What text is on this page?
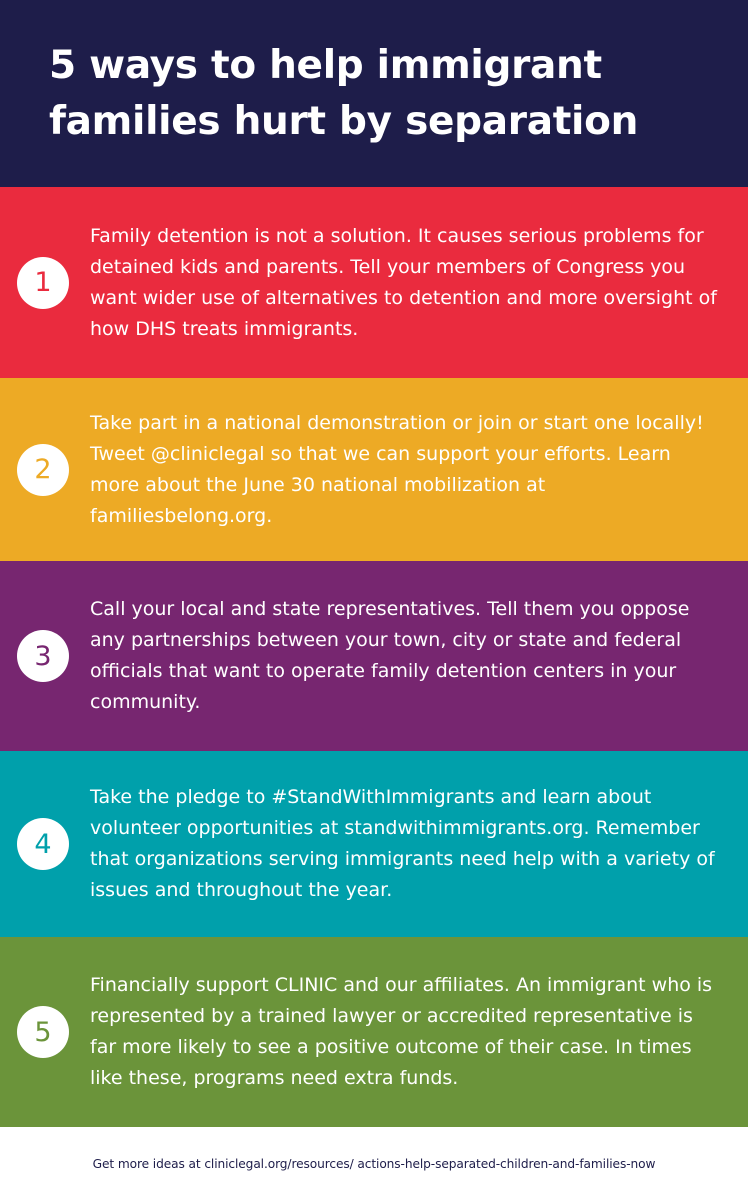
5 ways to help immigrant families hurt by separation
1

Family detention is not a solution. It causes serious problems for detained kids and parents. Tell your members of Congress you want wider use of alternatives to detention and more oversight of how DHS treats immigrants.

2

Take part in a national demonstration or join or start one locally! Tweet @cliniclegal so that we can support your efforts. Learn more about the June 30 national mobilization at familiesbelong.org.

3

Call your local and state representatives. Tell them you oppose any partnerships between your town, city or state and federal officials that want to operate family detention centers in your community.

4

Take the pledge to #StandWithImmigrants and learn about volunteer opportunities at standwithimmigrants.org. Remember that organizations serving immigrants need help with a variety of issues and throughout the year.

5

Financially support CLINIC and our affiliates. An immigrant who is represented by a trained lawyer or accredited representative is far more likely to see a positive outcome of their case. In times like these, programs need extra funds.

Get more ideas at cliniclegal.org/resources/ actions-help-separated-children-and-families-now
